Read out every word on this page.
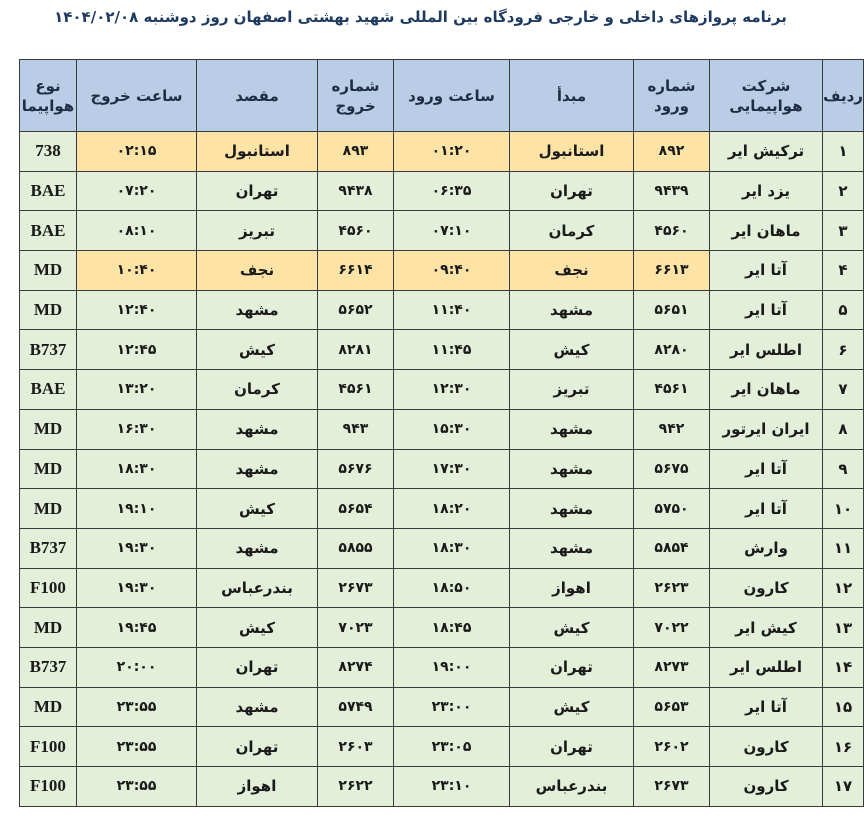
برنامه پروازهای داخلی و خارجی فرودگاه بین المللی شهید بهشتی اصفهان روز دوشنبه ۱۴۰۴/۰۲/۰۸
ردیف	شرکت هواپیمایی	شماره ورود	مبدأ	ساعت ورود	شماره خروج	مقصد	ساعت خروج	نوع هواپیما
۱	ترکیش ایر	۸۹۲	استانبول	۰۱:۲۰	۸۹۳	استانبول	۰۲:۱۵	738
۲	یزد ایر	۹۴۳۹	تهران	۰۶:۳۵	۹۴۳۸	تهران	۰۷:۲۰	BAE
۳	ماهان ایر	۴۵۶۰	کرمان	۰۷:۱۰	۴۵۶۰	تبریز	۰۸:۱۰	BAE
۴	آتا ایر	۶۶۱۳	نجف	۰۹:۴۰	۶۶۱۴	نجف	۱۰:۴۰	MD
۵	آتا ایر	۵۶۵۱	مشهد	۱۱:۴۰	۵۶۵۲	مشهد	۱۲:۴۰	MD
۶	اطلس ایر	۸۲۸۰	کیش	۱۱:۴۵	۸۲۸۱	کیش	۱۲:۴۵	B737
۷	ماهان ایر	۴۵۶۱	تبریز	۱۲:۳۰	۴۵۶۱	کرمان	۱۳:۲۰	BAE
۸	ایران ایرتور	۹۴۲	مشهد	۱۵:۳۰	۹۴۳	مشهد	۱۶:۳۰	MD
۹	آتا ایر	۵۶۷۵	مشهد	۱۷:۳۰	۵۶۷۶	مشهد	۱۸:۳۰	MD
۱۰	آتا ایر	۵۷۵۰	مشهد	۱۸:۲۰	۵۶۵۴	کیش	۱۹:۱۰	MD
۱۱	وارش	۵۸۵۴	مشهد	۱۸:۳۰	۵۸۵۵	مشهد	۱۹:۳۰	B737
۱۲	کارون	۲۶۲۳	اهواز	۱۸:۵۰	۲۶۷۳	بندرعباس	۱۹:۳۰	F100
۱۳	کیش ایر	۷۰۲۲	کیش	۱۸:۴۵	۷۰۲۳	کیش	۱۹:۴۵	MD
۱۴	اطلس ایر	۸۲۷۳	تهران	۱۹:۰۰	۸۲۷۴	تهران	۲۰:۰۰	B737
۱۵	آتا ایر	۵۶۵۳	کیش	۲۳:۰۰	۵۷۴۹	مشهد	۲۳:۵۵	MD
۱۶	کارون	۲۶۰۲	تهران	۲۳:۰۵	۲۶۰۳	تهران	۲۳:۵۵	F100
۱۷	کارون	۲۶۷۳	بندرعباس	۲۳:۱۰	۲۶۲۲	اهواز	۲۳:۵۵	F100
